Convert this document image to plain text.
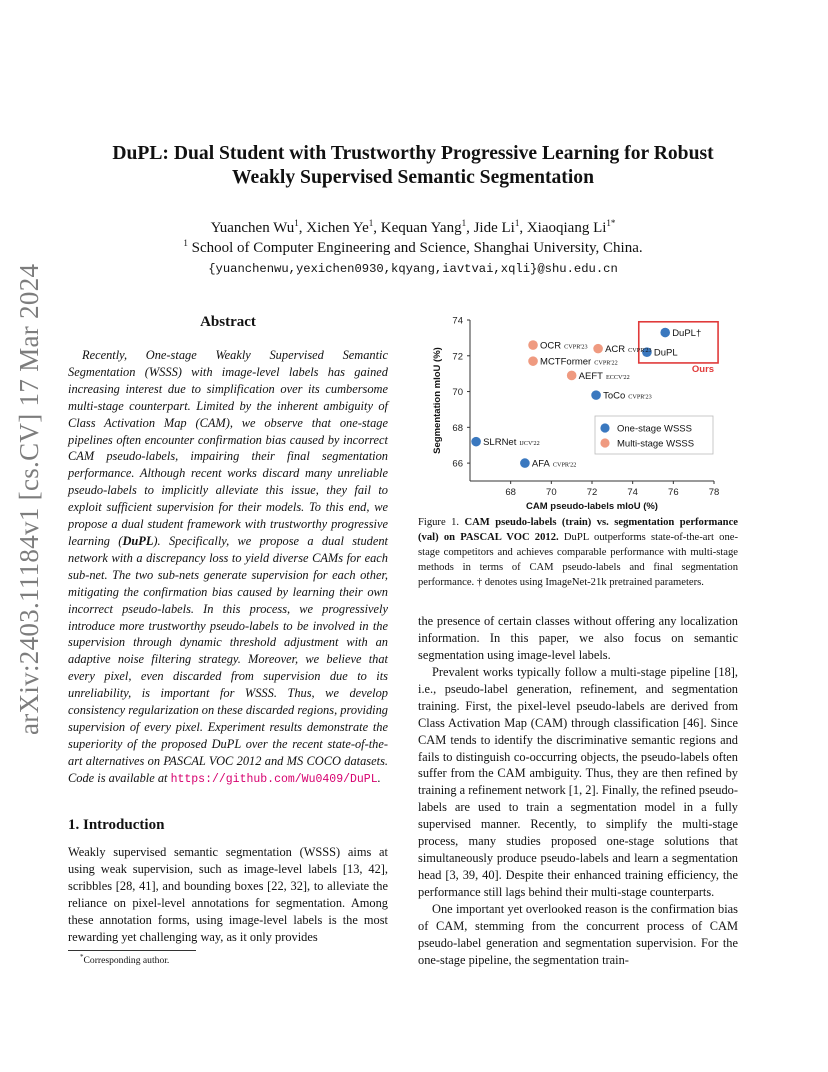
arXiv:2403.11184v1 [cs.CV] 17 Mar 2024
DuPL: Dual Student with Trustworthy Progressive Learning for Robust
Weakly Supervised Semantic Segmentation
Yuanchen Wu$^1$, Xichen Ye$^1$, Kequan Yang$^1$, Jide Li$^1$, Xiaoqiang $Li^{1*}$
$^1$ School of Computer Engineering and Science, Shanghai University, China.
{yuanchenwu,yexichen0930,kqyang,iavtvai,xqli}@shu.edu.cn
Abstract
Recently, One-stage Weakly Supervised Semantic Segmentation (WSSS) with image-level labels has gained increasing interest due to simplification over its cumbersome multi-stage counterpart. Limited by the inherent ambiguity of Class Activation Map (CAM), we observe that one-stage pipelines often encounter confirmation bias caused by incorrect CAM pseudo-labels, impairing their final segmentation performance. Although recent works discard many unreliable pseudo-labels to implicitly alleviate this issue, they fail to exploit sufficient supervision for their models. To this end, we propose a dual student framework with trustworthy progressive learning (DuPL). Specifically, we propose a dual student network with a discrepancy loss to yield diverse CAMs for each sub-net. The two sub-nets generate supervision for each other, mitigating the confirmation bias caused by learning their own incorrect pseudo-labels. In this process, we progressively introduce more trustworthy pseudo-labels to be involved in the supervision through dynamic threshold adjustment with an adaptive noise filtering strategy. Moreover, we believe that every pixel, even discarded from supervision due to its unreliability, is important for WSSS. Thus, we develop consistency regularization on these discarded regions, providing supervision of every pixel. Experiment results demonstrate the superiority of the proposed DuPL over the recent state-of-the-art alternatives on PASCAL VOC 2012 and MS COCO datasets. Code is available at https://github.com/Wu0409/DuPL.
1. Introduction
Weakly supervised semantic segmentation (WSSS) aims at using weak supervision, such as image-level labels [13, 42], scribbles [28, 41], and bounding boxes [22, 32], to alleviate the reliance on pixel-level annotations for segmentation. Among these annotation forms, using image-level labels is the most rewarding yet challenging way, as it only provides
*Corresponding author.
68	70	72	74	76	78
66
68
70
72
74
CAM pseudo-labels mIoU (%)
Segmentation mIoU (%)	Ours
DuPL†
DuPL
OCR CVPR'23 ACR CVPR'23
MCTFormer CVPR'22
AEFT ECCV'22
ToCo CVPR'23
SLRNet IJCV'22
AFA CVPR'22
One-stage WSSS
Multi-stage WSSS
Figure 1. CAM pseudo-labels (train) vs. segmentation performance (val) on PASCAL VOC 2012. DuPL outperforms state-of-the-art one-stage competitors and achieves comparable performance with multi-stage methods in terms of CAM pseudo-labels and final segmentation performance. † denotes using ImageNet-21k pretrained parameters.
the presence of certain classes without offering any localization information. In this paper, we also focus on semantic segmentation using image-level labels.
Prevalent works typically follow a multi-stage pipeline [18], i.e., pseudo-label generation, refinement, and segmentation training. First, the pixel-level pseudo-labels are derived from Class Activation Map (CAM) through classification [46]. Since CAM tends to identify the discriminative semantic regions and fails to distinguish co-occurring objects, the pseudo-labels often suffer from the CAM ambiguity. Thus, they are then refined by training a refinement network [1, 2]. Finally, the refined pseudo-labels are used to train a segmentation model in a fully supervised manner. Recently, to simplify the multi-stage process, many studies proposed one-stage solutions that simultaneously produce pseudo-labels and learn a segmentation head [3, 39, 40]. Despite their enhanced training efficiency, the performance still lags behind their multi-stage counterparts.
One important yet overlooked reason is the confirmation bias of CAM, stemming from the concurrent process of CAM pseudo-label generation and segmentation supervision. For the one-stage pipeline, the segmentation train-
